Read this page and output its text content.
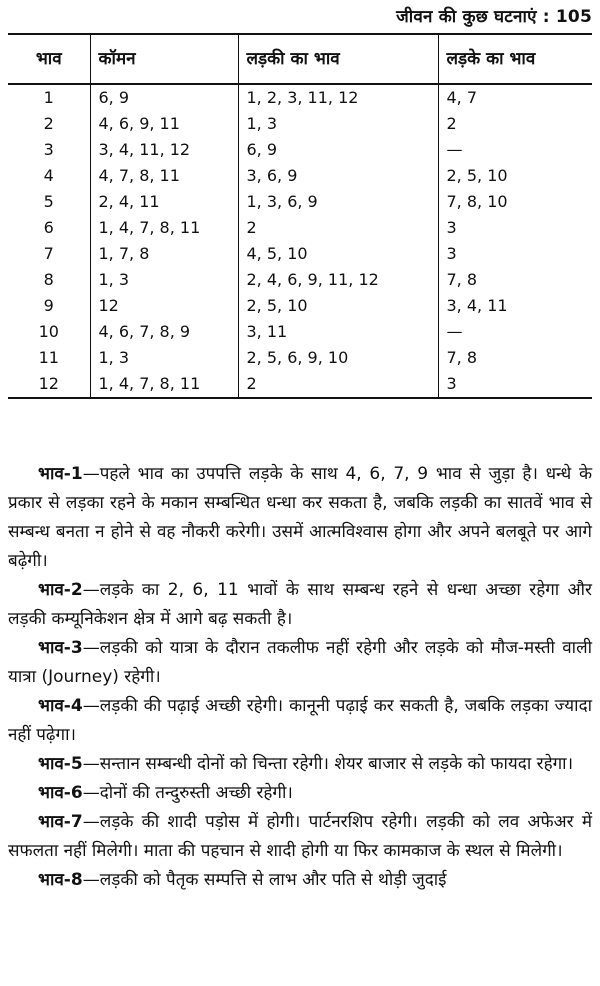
जीवन की कुछ घटनाएं : 105
भाव	कॉमन	लड़की का भाव	लड़के का भाव
1	6, 9	1, 2, 3, 11, 12	4, 7
2	4, 6, 9, 11	1, 3	2
3	3, 4, 11, 12	6, 9	—
4	4, 7, 8, 11	3, 6, 9	2, 5, 10
5	2, 4, 11	1, 3, 6, 9	7, 8, 10
6	1, 4, 7, 8, 11	2	3
7	1, 7, 8	4, 5, 10	3
8	1, 3	2, 4, 6, 9, 11, 12	7, 8
9	12	2, 5, 10	3, 4, 11
10	4, 6, 7, 8, 9	3, 11	—
11	1, 3	2, 5, 6, 9, 10	7, 8
12	1, 4, 7, 8, 11	2	3

भाव-1—पहले भाव का उपपत्ति लड़के के साथ 4, 6, 7, 9 भाव से जुड़ा है। धन्धे के प्रकार से लड़का रहने के मकान सम्बन्धित धन्धा कर सकता है, जबकि लड़की का सातवें भाव से सम्बन्ध बनता न होने से वह नौकरी करेगी। उसमें आत्मविश्वास होगा और अपने बलबूते पर आगे बढ़ेगी।

भाव-2—लड़के का 2, 6, 11 भावों के साथ सम्बन्ध रहने से धन्धा अच्छा रहेगा और लड़की कम्यूनिकेशन क्षेत्र में आगे बढ़ सकती है।

भाव-3—लड़की को यात्रा के दौरान तकलीफ नहीं रहेगी और लड़के को मौज-मस्ती वाली यात्रा (Journey) रहेगी।

भाव-4—लड़की की पढ़ाई अच्छी रहेगी। कानूनी पढ़ाई कर सकती है, जबकि लड़का ज्यादा नहीं पढ़ेगा।

भाव-5—सन्तान सम्बन्धी दोनों को चिन्ता रहेगी। शेयर बाजार से लड़के को फायदा रहेगा।

भाव-6—दोनों की तन्दुरुस्ती अच्छी रहेगी।

भाव-7—लड़के की शादी पड़ोस में होगी। पार्टनरशिप रहेगी। लड़की को लव अफेअर में सफलता नहीं मिलेगी। माता की पहचान से शादी होगी या फिर कामकाज के स्थल से मिलेगी।

भाव-8—लड़की को पैतृक सम्पत्ति से लाभ और पति से थोड़ी जुदाई
